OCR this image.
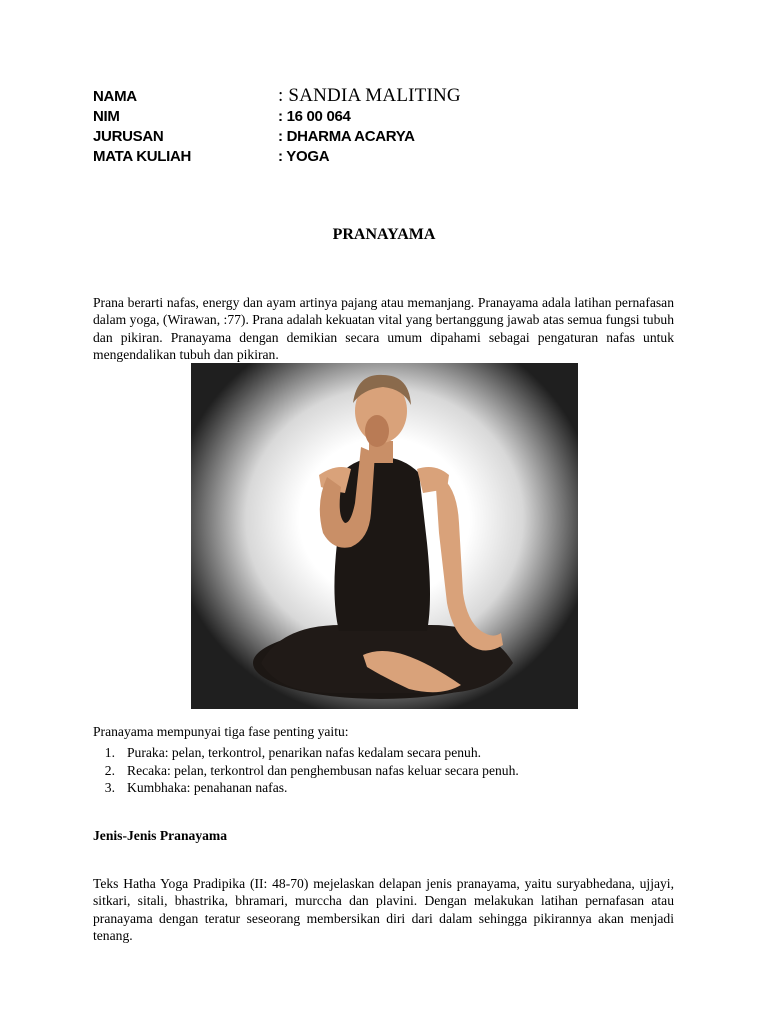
NAMA	: SANDIA MALITING
NIM	: 16 00 064
JURUSAN	: DHARMA ACARYA
MATA KULIAH	: YOGA
PRANAYAMA

Prana berarti nafas, energy dan ayam artinya pajang atau memanjang. Pranayama adala latihan pernafasan dalam yoga, (Wirawan, :77). Prana adalah kekuatan vital yang bertanggung jawab atas semua fungsi tubuh dan pikiran. Pranayama dengan demikian secara umum dipahami sebagai pengaturan nafas untuk mengendalikan tubuh dan pikiran.

Pranayama mempunyai tiga fase penting yaitu:

1. Puraka: pelan, terkontrol, penarikan nafas kedalam secara penuh.
2. Recaka: pelan, terkontrol dan penghembusan nafas keluar secara penuh.
3. Kumbhaka: penahanan nafas.
Jenis-Jenis Pranayama

Teks Hatha Yoga Pradipika (II: 48-70) mejelaskan delapan jenis pranayama, yaitu suryabhedana, ujjayi, sitkari, sitali, bhastrika, bhramari, murccha dan plavini. Dengan melakukan latihan pernafasan atau pranayama dengan teratur seseorang membersikan diri dari dalam sehingga pikirannya akan menjadi tenang.
